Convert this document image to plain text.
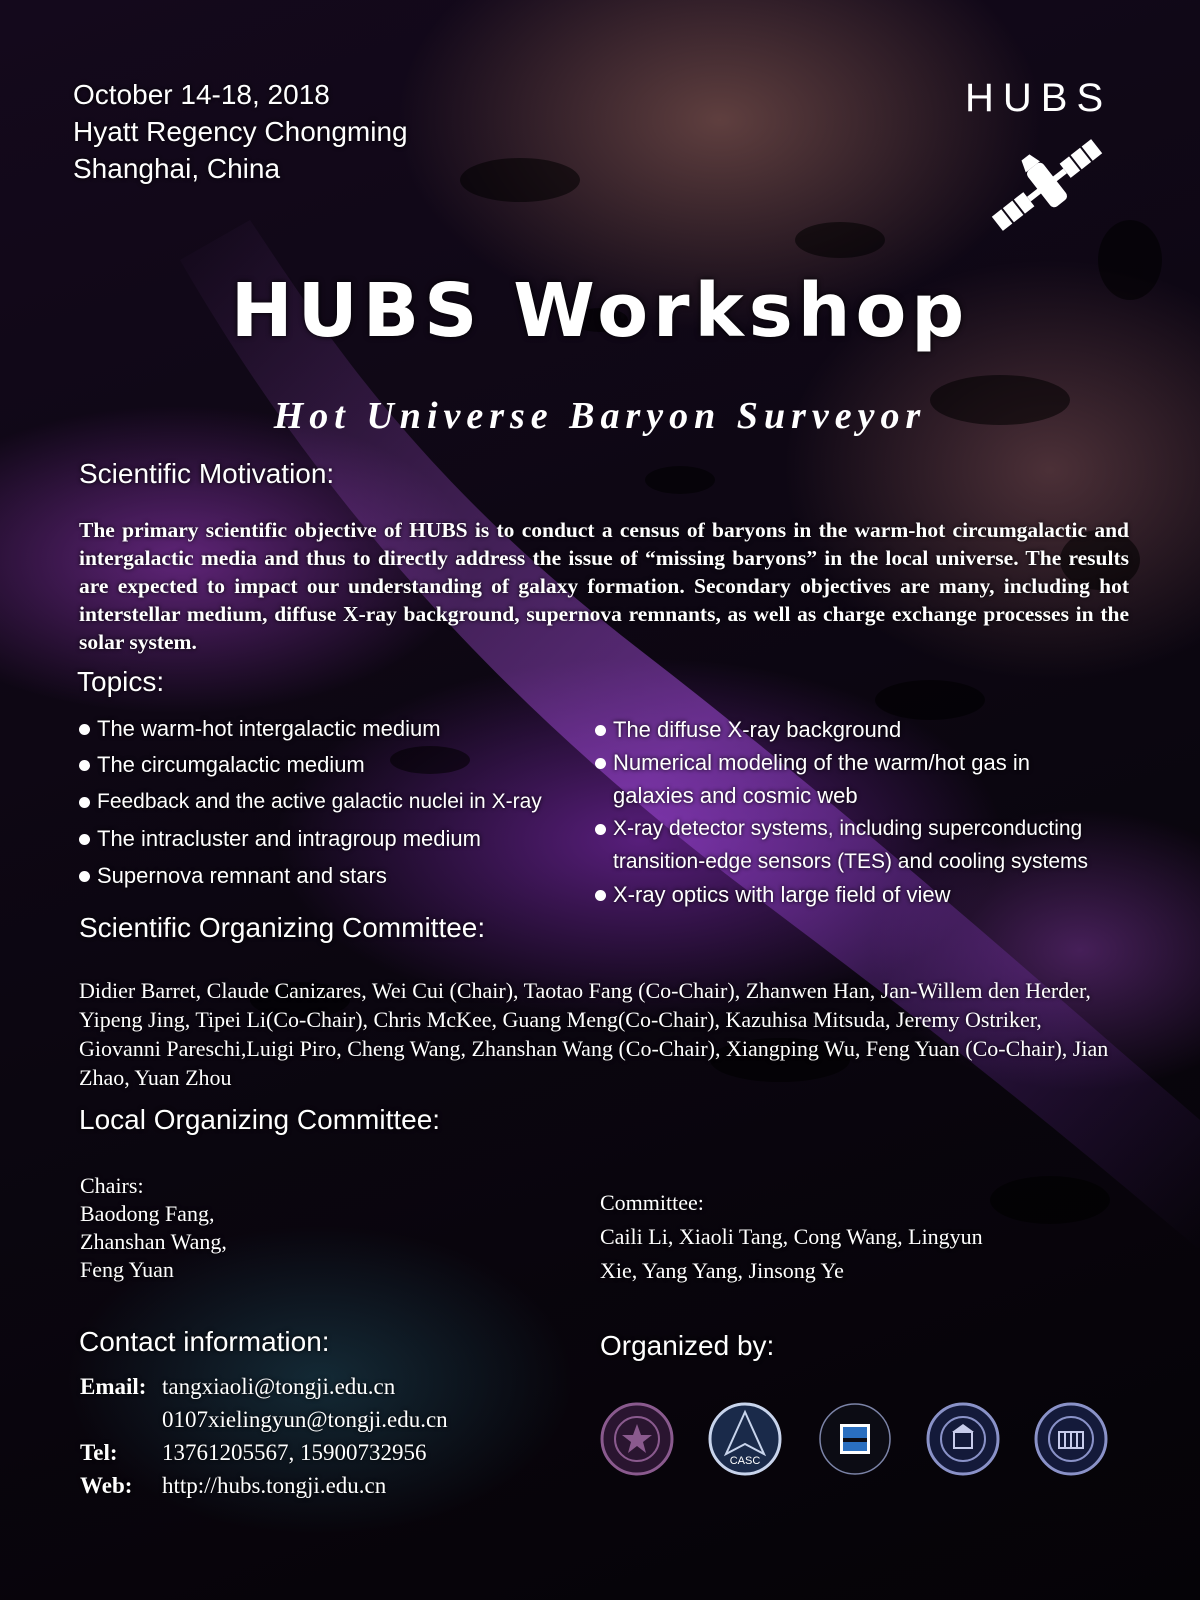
October 14-18, 2018
Hyatt Regency Chongming
Shanghai, China
HUBS
HUBS Workshop
Hot Universe Baryon Surveyor
Scientific Motivation:
The primary scientific objective of HUBS is to conduct a census of baryons in the warm-hot circumgalactic and intergalactic media and thus to directly address the issue of “missing baryons” in the local universe. The results are expected to impact our understanding of galaxy formation. Secondary objectives are many, including hot interstellar medium, diffuse X-ray background, supernova remnants, as well as charge exchange processes in the solar system.
Topics:
The warm-hot intergalactic medium
The circumgalactic medium
Feedback and the active galactic nuclei in X-ray
The intracluster and intragroup medium
Supernova remnant and stars
The diffuse X-ray background
Numerical modeling of the warm/hot gas in galaxies and cosmic web
X-ray detector systems, including superconducting transition-edge sensors (TES) and cooling systems
X-ray optics with large field of view
Scientific Organizing Committee:
Didier Barret, Claude Canizares, Wei Cui (Chair), Taotao Fang (Co-Chair), Zhanwen Han, Jan-Willem den Herder, Yipeng Jing, Tipei Li(Co-Chair), Chris McKee, Guang Meng(Co-Chair), Kazuhisa Mitsuda, Jeremy Ostriker, Giovanni Pareschi,Luigi Piro, Cheng Wang, Zhanshan Wang (Co-Chair), Xiangping Wu, Feng Yuan (Co-Chair), Jian Zhao, Yuan Zhou
Local Organizing Committee:
Chairs:
Baodong Fang,
Zhanshan Wang,
Feng Yuan
Committee:
Caili Li, Xiaoli Tang, Cong Wang, Lingyun
Xie, Yang Yang, Jinsong Ye
Contact information:
Email: tangxiaoli@tongji.edu.cn
0107xielingyun@tongji.edu.cn
Tel: 13761205567, 15900732956
Web: http://hubs.tongji.edu.cn
Organized by:
CASC
